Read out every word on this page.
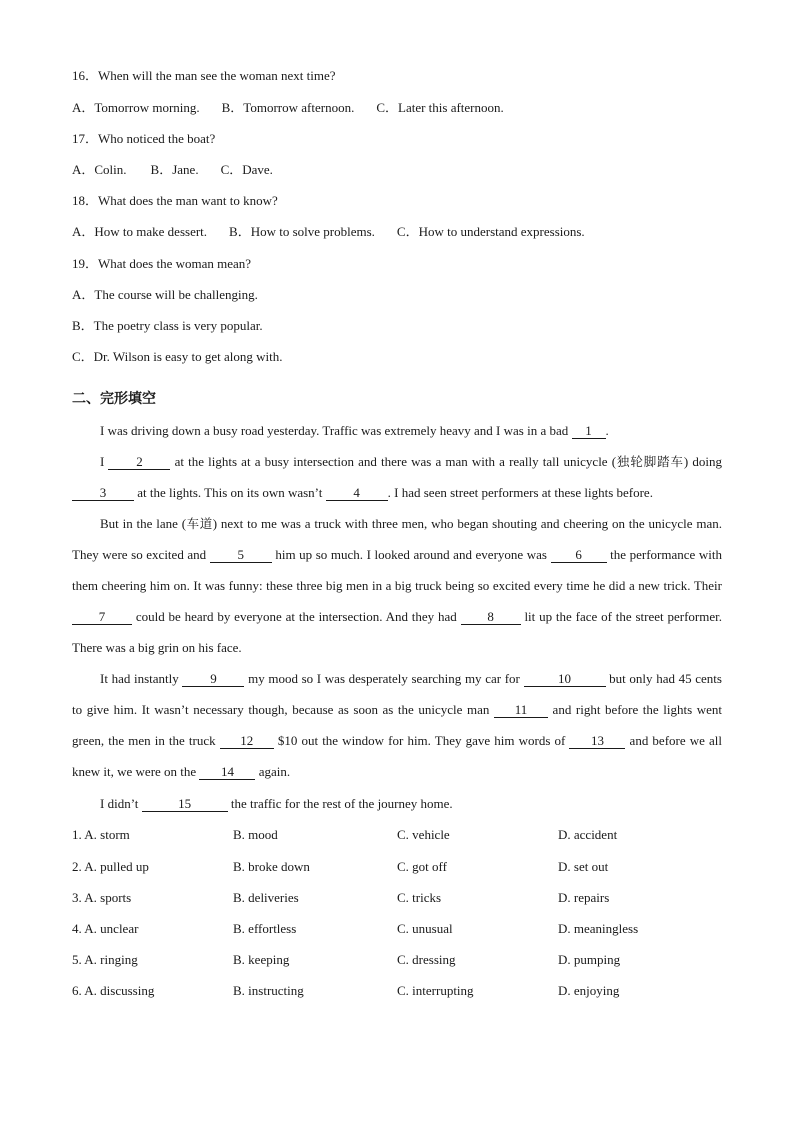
16．When will the man see the woman next time?
A．Tomorrow morning. B．Tomorrow afternoon. C．Later this afternoon.
17．Who noticed the boat?
A．Colin. B．Jane. C．Dave.
18．What does the man want to know?
A．How to make dessert. B．How to solve problems. C．How to understand expressions.
19．What does the woman mean?
A．The course will be challenging.
B．The poetry class is very popular.
C．Dr. Wilson is easy to get along with.
二、完形填空
I was driving down a busy road yesterday. Traffic was extremely heavy and I was in a bad 1 .
I 2 at the lights at a busy intersection and there was a man with a really tall unicycle (独轮脚踏车) doing 3 at the lights. This on its own wasn’t 4 . I had seen street performers at these lights before.
But in the lane (车道) next to me was a truck with three men, who began shouting and cheering on the unicycle man. They were so excited and 5 him up so much. I looked around and everyone was 6 the performance with them cheering him on. It was funny: these three big men in a big truck being so excited every time he did a new trick. Their 7 could be heard by everyone at the intersection. And they had 8 lit up the face of the street performer. There was a big grin on his face.
It had instantly 9 my mood so I was desperately searching my car for	10	but only had 45 cents to give him. It wasn’t necessary though, because as soon as the unicycle man 11 and right before the lights went green, the men in the truck 12 $10 out the window for him. They gave him words of 13 and before we all knew it, we were on the 14 again.
I didn’t	15	the traffic for the rest of the journey home.
1. A. storm	B. mood	C. vehicle	D. accident
2. A. pulled up	B. broke down	C. got off	D. set out
3. A. sports	B. deliveries	C. tricks	D. repairs
4. A. unclear	B. effortless	C. unusual	D. meaningless
5. A. ringing	B. keeping	C. dressing	D. pumping
6. A. discussing	B. instructing	C. interrupting	D. enjoying
